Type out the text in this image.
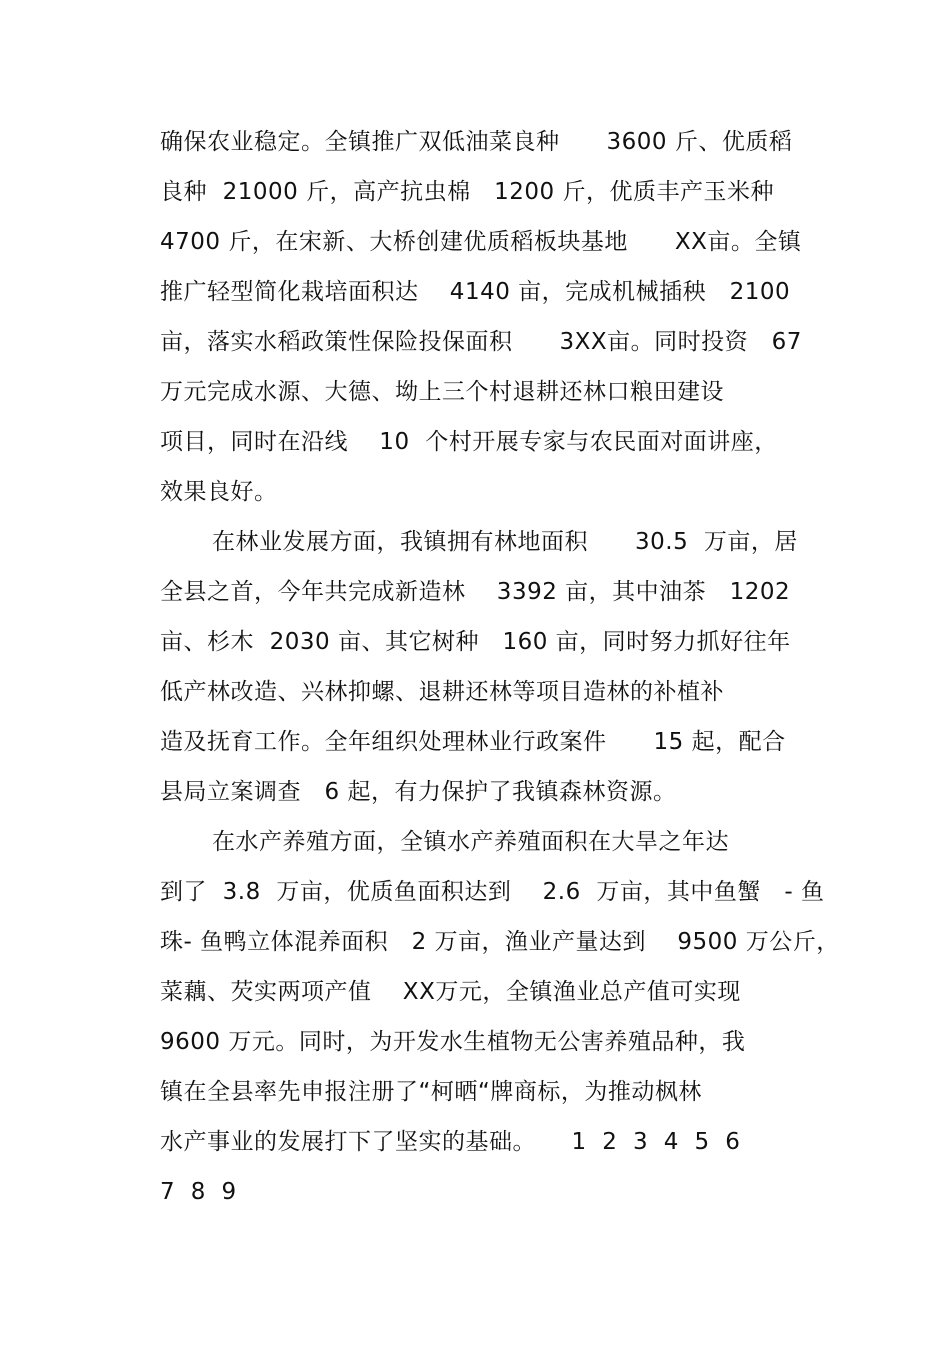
确保农业稳定。全镇推广双低油菜良种　　3600 斤、优质稻
良种  21000 斤，高产抗虫棉　1200 斤，优质丰产玉米种
4700 斤，在宋新、大桥创建优质稻板块基地　　XX亩。全镇
推广轻型简化栽培面积达　 4140 亩，完成机械插秧　2100
亩，落实水稻政策性保险投保面积　　3XX亩。同时投资　67
万元完成水源、大德、坳上三个村退耕还林口粮田建设
项目，同时在沿线　 10  个村开展专家与农民面对面讲座，
效果良好。
在林业发展方面，我镇拥有林地面积　　30.5  万亩，居
全县之首，今年共完成新造林　 3392 亩，其中油茶　1202
亩、杉木  2030 亩、其它树种　160 亩，同时努力抓好往年
低产林改造、兴林抑螺、退耕还林等项目造林的补植补
造及抚育工作。全年组织处理林业行政案件　　15 起，配合
县局立案调查　6 起，有力保护了我镇森林资源。
在水产养殖方面，全镇水产养殖面积在大旱之年达
到了  3.8  万亩，优质鱼面积达到　 2.6  万亩，其中鱼蟹　- 鱼
珠- 鱼鸭立体混养面积　2 万亩，渔业产量达到　 9500 万公斤，
菜藕、芡实两项产值　 XX万元，全镇渔业总产值可实现
9600 万元。同时，为开发水生植物无公害养殖品种，我
镇在全县率先申报注册了“柯晒“牌商标，为推动枫林
水产事业的发展打下了坚实的基础。　　1  2  3  4  5  6
7  8  9
